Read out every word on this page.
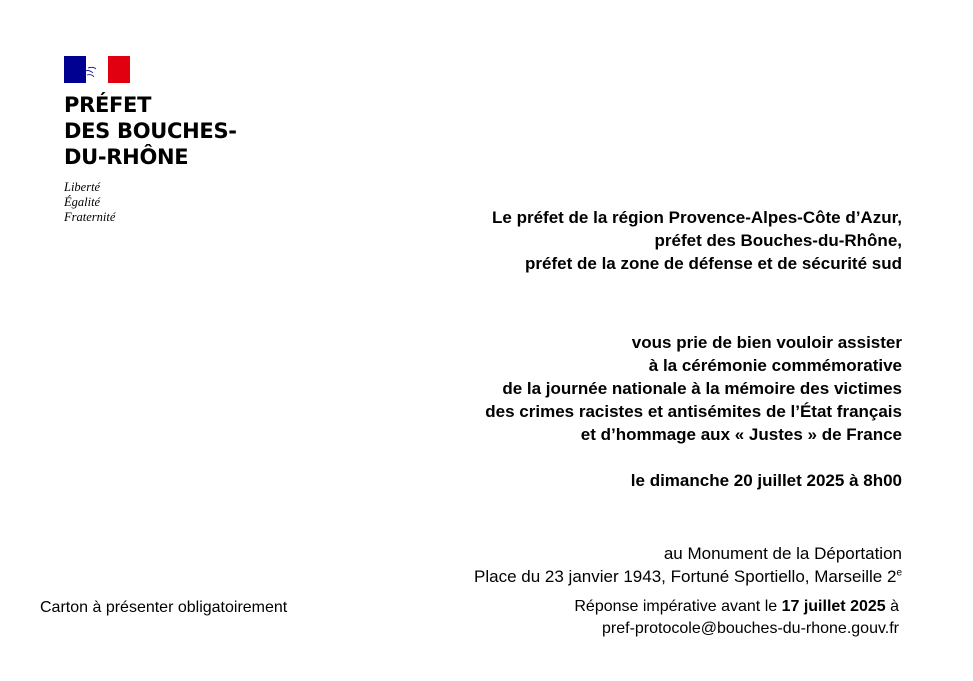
PRÉFET
DES BOUCHES-
DU-RHÔNE
Liberté
Égalité
Fraternité	Le préfet de la région Provence-Alpes-Côte d’Azur,
préfet des Bouches-du-Rhône,
préfet de la zone de défense et de sécurité sud
vous prie de bien vouloir assister
à la cérémonie commémorative
de la journée nationale à la mémoire des victimes
des crimes racistes et antisémites de l’État français
et d’hommage aux « Justes » de France
le dimanche 20 juillet 2025 à 8h00
au Monument de la Déportation
Place du 23 janvier 1943, Fortuné Sportiello, Marseille 2e
Carton à présenter obligatoirement	Réponse impérative avant le 17 juillet 2025 à
pref-protocole@bouches-du-rhone.gouv.fr
